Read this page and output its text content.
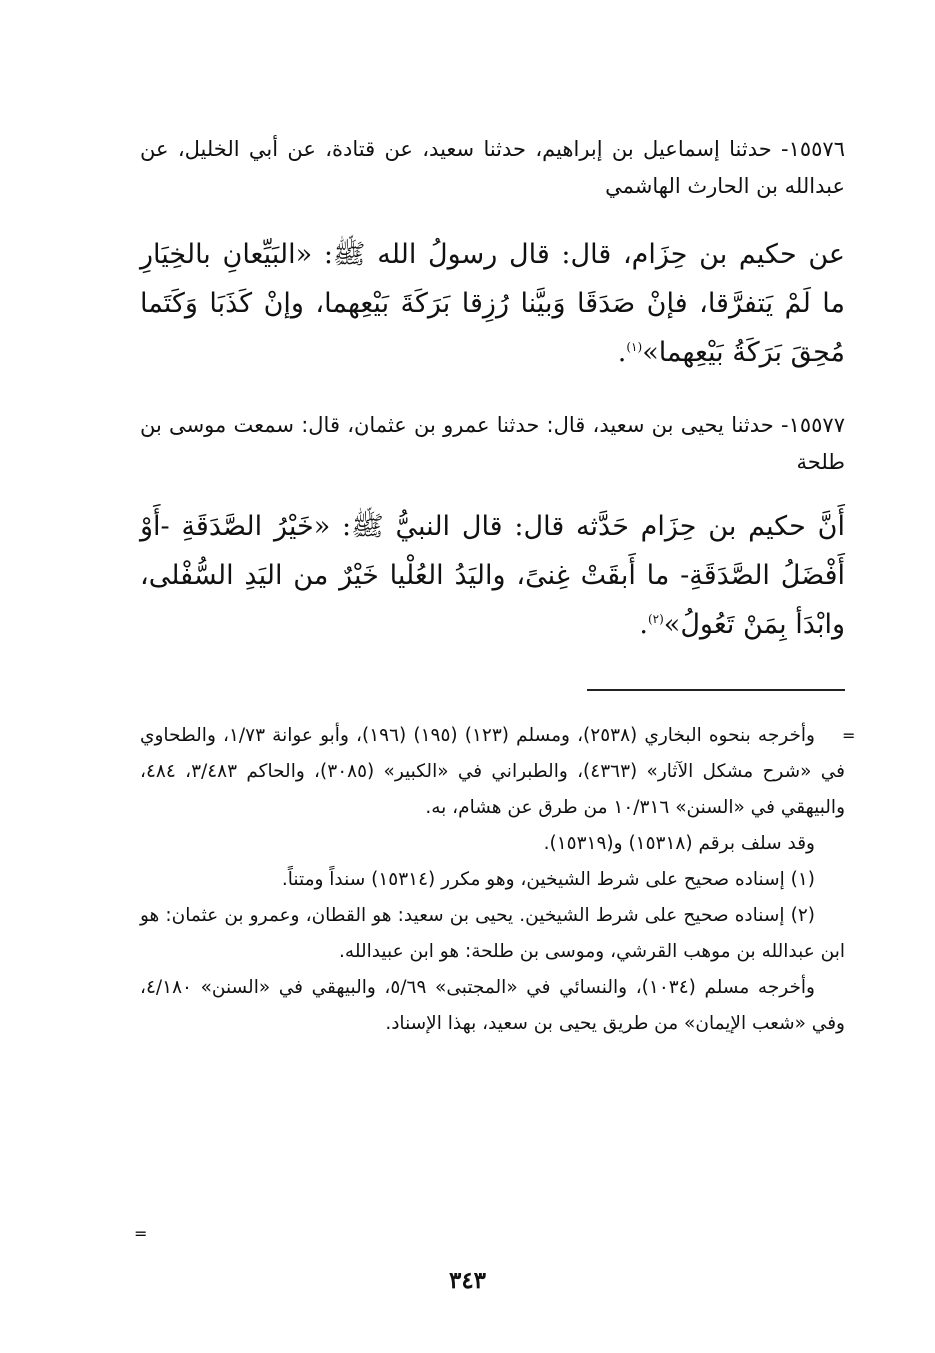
١٥٥٧٦- حدثنا إسماعيل بن إبراهيم، حدثنا سعيد، عن قتادة، عن أبي الخليل، عن عبدالله بن الحارث الهاشمي
عن حكيم بن حِزَام، قال: قال رسولُ الله ﷺ: «البَيِّعانِ بالخِيَارِ ما لَمْ يَتفرَّقا، فإنْ صَدَقَا وَبيَّنا رُزِقا بَرَكَةَ بَيْعِهما، وإنْ كَذَبَا وَكَتَما مُحِقَ بَرَكَةُ بَيْعِهما»$^{(١)}$.
١٥٥٧٧- حدثنا يحيى بن سعيد، قال: حدثنا عمرو بن عثمان، قال: سمعت موسى بن طلحة
أَنَّ حكيم بن حِزَام حَدَّثه قال: قال النبيُّ ﷺ: «خَيْرُ الصَّدَقَةِ -أَوْ أَفْضَلُ الصَّدَقَةِ- ما أَبقَتْ غِنىً، واليَدُ العُلْيا خَيْرٌ من اليَدِ السُّفْلى، وابْدَأ بِمَنْ تَعُولُ»$^{(٢)}$.
=

وأخرجه بنحوه البخاري (٢٥٣٨)، ومسلم (١٢٣) (١٩٥) (١٩٦)، وأبو عوانة ١/٧٣، والطحاوي في «شرح مشكل الآثار» (٤٣٦٣)، والطبراني في «الكبير» (٣٠٨٥)، والحاكم ٣/٤٨٣، ٤٨٤، والبيهقي في «السنن» ١٠/٣١٦ من طرق عن هشام، به.

وقد سلف برقم (١٥٣١٨) و(١٥٣١٩).

(١) إسناده صحيح على شرط الشيخين، وهو مكرر (١٥٣١٤) سنداً ومتناً.

(٢) إسناده صحيح على شرط الشيخين. يحيى بن سعيد: هو القطان، وعمرو بن عثمان: هو ابن عبدالله بن موهب القرشي، وموسى بن طلحة: هو ابن عبيدالله.

وأخرجه مسلم (١٠٣٤)، والنسائي في «المجتبى» ٥/٦٩، والبيهقي في «السنن» ٤/١٨٠، وفي «شعب الإيمان» من طريق يحيى بن سعيد، بهذا الإسناد.

=
٣٤٣
